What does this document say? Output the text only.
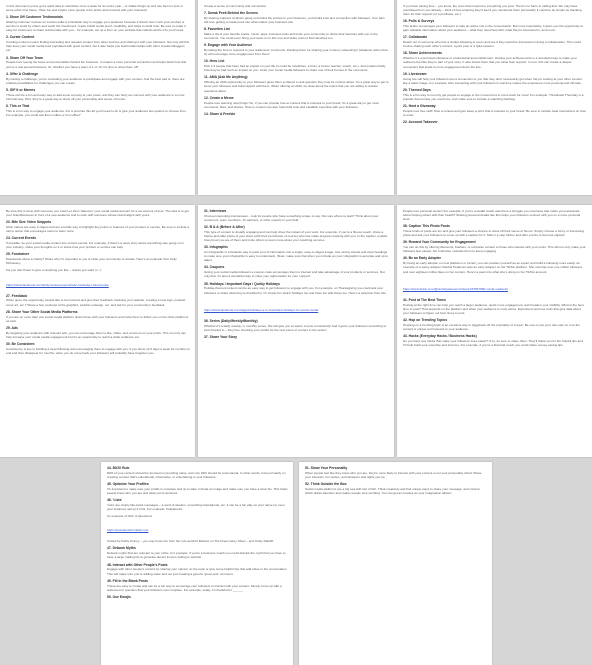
In this document you've got a quick idea to use/share once a week for an entire year – or shake things up and use them in sets or some other time frame. Have fun and inspire more people to be active and involved with your business!

1. Show Off Customer Testimonials

Sharing customer reviews on social media is a fantastic way to engage your audience because it shows how much your product or service is loved by others and worth the investment. It also builds social proof, credibility, and helps to build trust. Be sure to make it easy for customers to share testimonials with you – for example, set up a form on your website that collects all the info you'll need.

2. Curate Content

Curating content means finding interesting and relevant content from other sources and sharing it with your followers. Not only will this help keep your social media feed populated with great content, but it also helps you build relationships with other creators/bloggers etc.

3. Share Off Your Team

People love seeing the faces and personalities behind the business. It creates a more personal connection and helps build trust that you're a real person/business. Or, whether you have a team of 1 or 10, it's time to show them off!

4. Offer A Challenge

By issuing a challenge, you're motivating your audience to participate and engage with your content. And the best part is, there are endless possibilities for challenges you can create.

5. GIF It or Memes

These can be a fun and easy way to add some comedy to your posts, and they can help you connect with your audience in a more informal way. Plus, they're a great way to show off your personality and sense of humor.

6. This or That

This is a fun way to engage your audience. For a post like this all you'll need to do is give your audience two options to choose from. For example, you could ask them coffee or hot coffee?

Create a sense of community and connection.

7. Sneak Peek Behind the Scenes

By sharing snippets of what's going on behind the scenes in your business, you'll build trust and connection with followers. Your fans will love getting a sneak peek into what makes your business tick.

8. Favorites List

Make a list of your favorite books, music, apps, business tools and invite your community to share their favorites with you in the comments. You could even bring your team in on this one and share a list of their favorites too.

9. Engage with Your Audience

By taking the time to respond to your audiences' comments, thanking them for sharing your content, retweeting it (whatever action that is) will encourage more engagement from them!

10. Hero List

Pick 1-3 people that have had an impact on your life (it could be celebrities, a boss, a former teacher, coach, etc.). And explain briefly how they've had such an impact on you. Invite your social media followers to share one of their heroes in the comments.

11. AMA (Ask Me Anything)

Offering an AMA opportunity to your followers gives them a chance to ask question they may be curious about. It's a great way to get to know your followers and build rapport with them. When offering an AMA, be clear about the topics that you are willing to answer questions about.

12. Create a Meme

People love learning new things! So, if you can provide how-to content that is relevant to your brand, it's a great way to get more comments, likes, and shares. How-to content can also help build trust and establish expertise with your followers.

14. Share A Freebie

If you have saving time – you know, the ones that respond to everything you post. There's no harm in calling that. We may have purchased from you already – think of how amazing they'd feel if you mentioned them personally! It could be as simple as thanking them for their support (or a purchase, etc.).

16. Polls & Surveys

This action encourages your followers to take an active role in the conversation. But more importantly, it gives you the opportunity to gain valuable information about your audience – what they need help with, what they're interested in, and more!

17. Collaborate

Reach out to someone who has a similar following to yours and see if they would be interested in doing a collaboration. This could involve sharing each other's content, a joint post or a Q&A session.

18. Share Achievements

Whether it's a personal milestone or professional accomplishment, sharing your achievements is a wonderful way to make your audience feel like they're part of your story. It also shows them that you value their support. In turn, this can create a deeper connection that leads to more engagement down the line.

19. Livestream

Going live will help your followers feel a connection to you that they don't necessarily get when they're looking at your other content like a static image. For example, Also interacting with your followers in real time makes the experience more personal and intimate.

20. Themed Days

This is a fun way to not only get people to engage in the moment but to come back for more! For example, Throwback Thursday is a popular themed day you could use. And make sure to include a matching hashtag.

21. Host a Giveaway

People love free stuff! Host a contest and give away a prize that is relevant to your brand. Be sure to include clear instructions on how to enter.

22. Account Takeover

Be sure this is done with someone you trust! Let them 'takeover' your social media account for a set amount of time. The idea is to get your brand/business in front of a new audience and to work with someone whose brand aligns with yours.

23. Bite Size Video Snippets

Short videos are easy to digest and are a terrific way to highlight key points or features of your product or service. Be sure to include a call to action that encourages users to learn more.

24. Current Events

If possible, tie your social media content into current events. For example, if there's a news story about something else going on in your industry, share your thoughts on it or share how your product or service can help.

25. Fundraiser

Passionate about a charity? Share why it's important to you & invite your community to donate. Here's an example from Kelly McCausey

but you don't have to give to anything you like – unless you want to :-)

https://www.facebook.com/kellymccausey/posts/abc-fundraiser-friend-invite
27. Feedback

When given the opportunity, people like to be involved and give their feedback. Redoing your website, creating a new logo, podcast cover art, etc.? Share a few mockups of the graphics, website redesign, etc. and ask for your community's feedback.

28. Share Your Other Social Media Platforms

If you are on more than one social media platform share those with your followers and invite them to follow you on the other platforms as well.

29. Ads

By targeting your audience with relevant ads, you can encourage them to like, share, and comment on your posts. This not only can help increase your social media engagement but it's an opportunity to reach a wider audience too.

30. Be Consistent

Consistency is key to building a loyal following and encouraging them to engage with you. If you show up 5 days a week for months on end and then disappear for months, when you do come back your followers will probably have forgotten you.

31. Interviews

Choose interesting interviewees – look for people who have something unique to say. Not sure where to start? Think about your customers, team members, JV partners, or other experts in your field.

32. B & A (Before & After)

This type of content is visually engaging and can help show the impact of your work. For example, if you're a fitness coach, share a before-and-after photo of your client (with their permission of course) who has made progress working with you. In the caption, explain how proud you are of them and invite others to learn more about your coaching services.

33. Infographic

An infographic is a fantastic way to pack a lot of information into a single, easy-to-digest image. Use strong visuals and clear headings to make sure your infographic is easy to understand. (Note: make sure that when you include an your infographic is accurate and up to date!)

34. Coupons

Giving your social media followers a coupon code encourages them to interact and take advantage of your products or services. Not only that, it's also a wonderful way to show your appreciation for your support!

35. Holidays / Important Days / Quirky Holidays

Holiday-themed content can be an easy way to get followers to engage with you. For example, on Thanksgiving you could ask your followers to share what they're thankful for. Or create fun 'weird' holidays too and have fun with these too. Here's a selection from this

https://www.facebook.com/pages/holidays-a-to-z/weirdest-holidays-for-social-media
36. Series (Daily/Weekly/Monthly)

Whether it's a daily, weekly, or monthly series, this will give you a reason to post consistently! And it gives your followers something to look forward to – they'll be checking your profile for the next piece of content in the series!

37. Share Your Story

People love personal stories! For example, if you're a health coach was there a struggle you overcame that made you passionate about helping others with their health? Sharing personal details like this helps your followers connect with you on a more personal level.

38. Caption This Photo Posts

These kinds of posts are fun and give your followers a chance to show off their sense of humor. Simply choose a funny or interesting photo and ask your followers to come up with a caption for it. Take it a step further and offer a prize to the best caption!

39. Reward Your Community for Engagement

You can do this by offering discounts, freebies, or exclusive content to those who interact with your posts. This will not only make your followers feel valued, but it will also motivate them to keep engaging.

40. Be an Early Adopter

By being an early adopter on new platforms or trends, you can position yourself as an expert and build a following more easily. An example of a savvy adopter: Rachel Pedersen was an early adopter on the TikTok platform. She now has over one million followers and over eighteen million likes on her content. Here's a peek into what she's doing on her TikTok account.

https://www.tiktok.com/@rachelpedersen/video/1234567890-social-media-tip
41. Post at The Best Times

Posting at the right time can help you reach a larger audience, spark more engagement, and broaden your visibility. What is the best time to post? That depends on the platform and when your audience is most active. Experiment and use tools that give data about your followers to figure out best times to post.

42. Hop on Trending Topics

Hopping on a trending topic is an excellent way to piggyback off the popularity of a topic. Be sure to put your own spin on it so the content is unique and relevant to your audience.

43. Hacks (Everyday Hacks / Business Hacks)

Do you have any hacks that make your followers' lives easier? If so, be sure to share them. They'll thank you for the helpful tips and it'll help build your expertise and trust too. For example, if you're a financial coach you could share money-saving tips.

44. 80/20 Rule

80% of your content should be focused on providing value, and only 20% should be promotional. In other words, focus primarily on creating content that's educational, informative, or entertaining to your followers.

45. Optimize Your Profiles

It's important to make sure your profile is complete and up to date. Include an image and make sure you have a clear bio. This helps people know who you are and what you're all about.

46. 'Lists'

'Lists' are simply like-sized messages – a word of wisdom, something inspirational, etc. It can be a fun play on your name (or even your business name) if it fits. For example: Kelipalooza.

An example of 'lists' is Questions

https://questionsfromkelly.com

hosted by Kathy Kinney – you may know her from her role as Mimi Bobeck on The Drew Carey Show – and Cindy Ratcliff.

47. Debunk Myths

Debunk myths that are relevant to your niche. For example, if you're a business coach you could debunk the myth that you have to have a large mailing list to generate decent income selling to said list.

48. Interact with Other People's Posts

Engage with other people's content by sharing your opinion on the topic or give some helpful tips that add value to the conversation. This will make sure you're adding value and not just creating a generic 'great post' comment.

49. Fill in the Blank Posts

These are easy to create and can be a fun way to encourage your followers to interact with your content. Simply come up with a statement or question that your followers can complete. For example, today, I'm thankful for ______.

50. Use Emojis
51. Show Your Personality

When people feel like they know who you are, they're more likely to interact with your content so let your personality shine! Share your interests, fun stories, and whatever else lights you up.

52. Think Outside the Box

Social media platforms are a big sea with lots of fish. Think creatively and find unique ways to share your message, and content, which draws attention and makes people stop scrolling. You can get as creative as your imagination allows!
